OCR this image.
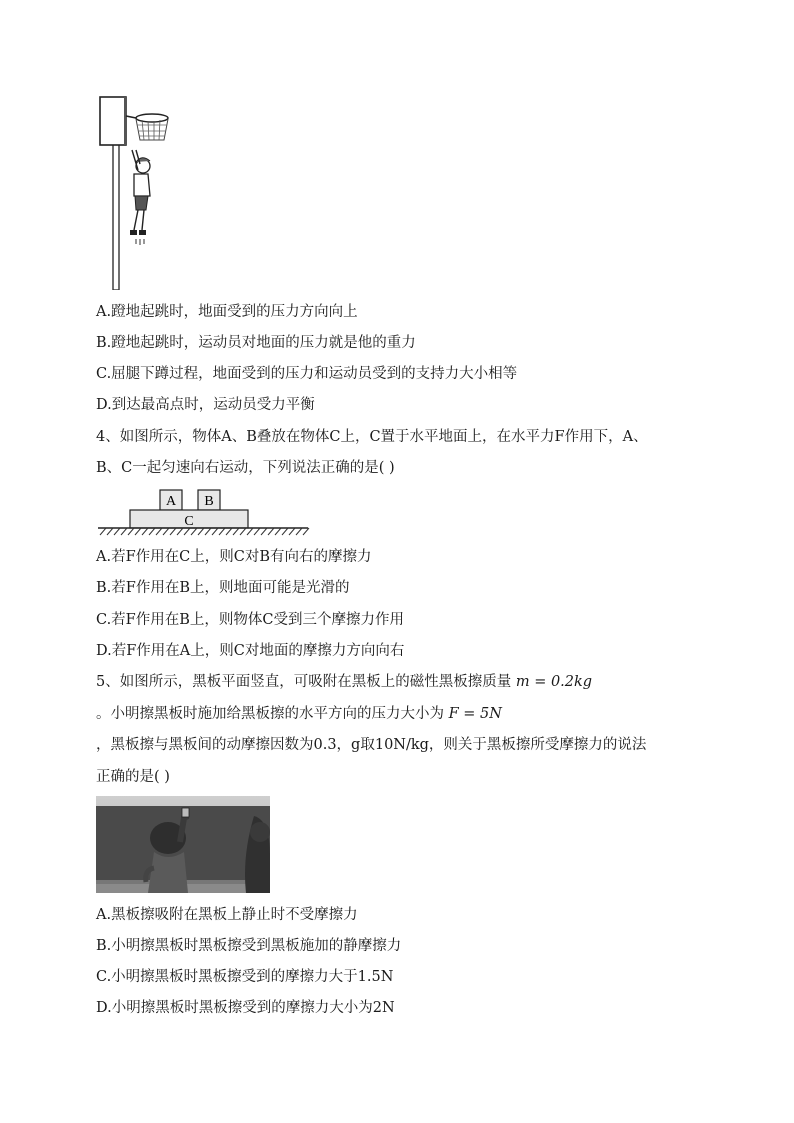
A.蹬地起跳时，地面受到的压力方向向上
B.蹬地起跳时，运动员对地面的压力就是他的重力
C.屈腿下蹲过程，地面受到的压力和运动员受到的支持力大小相等
D.到达最高点时，运动员受力平衡
4、如图所示，物体A、B叠放在物体C上，C置于水平地面上，在水平力F作用下，A、
B、C一起匀速向右运动，下列说法正确的是( )
A B
C
A.若F作用在C上，则C对B有向右的摩擦力
B.若F作用在B上，则地面可能是光滑的
C.若F作用在B上，则物体C受到三个摩擦力作用
D.若F作用在A上，则C对地面的摩擦力方向向右
5、如图所示，黑板平面竖直，可吸附在黑板上的磁性黑板擦质量 m = 0.2kg
。小明擦黑板时施加给黑板擦的水平方向的压力大小为 F = 5N
，黑板擦与黑板间的动摩擦因数为0.3，g取10N/kg，则关于黑板擦所受摩擦力的说法
正确的是( )
A.黑板擦吸附在黑板上静止时不受摩擦力
B.小明擦黑板时黑板擦受到黑板施加的静摩擦力
C.小明擦黑板时黑板擦受到的摩擦力大于1.5N
D.小明擦黑板时黑板擦受到的摩擦力大小为2N
